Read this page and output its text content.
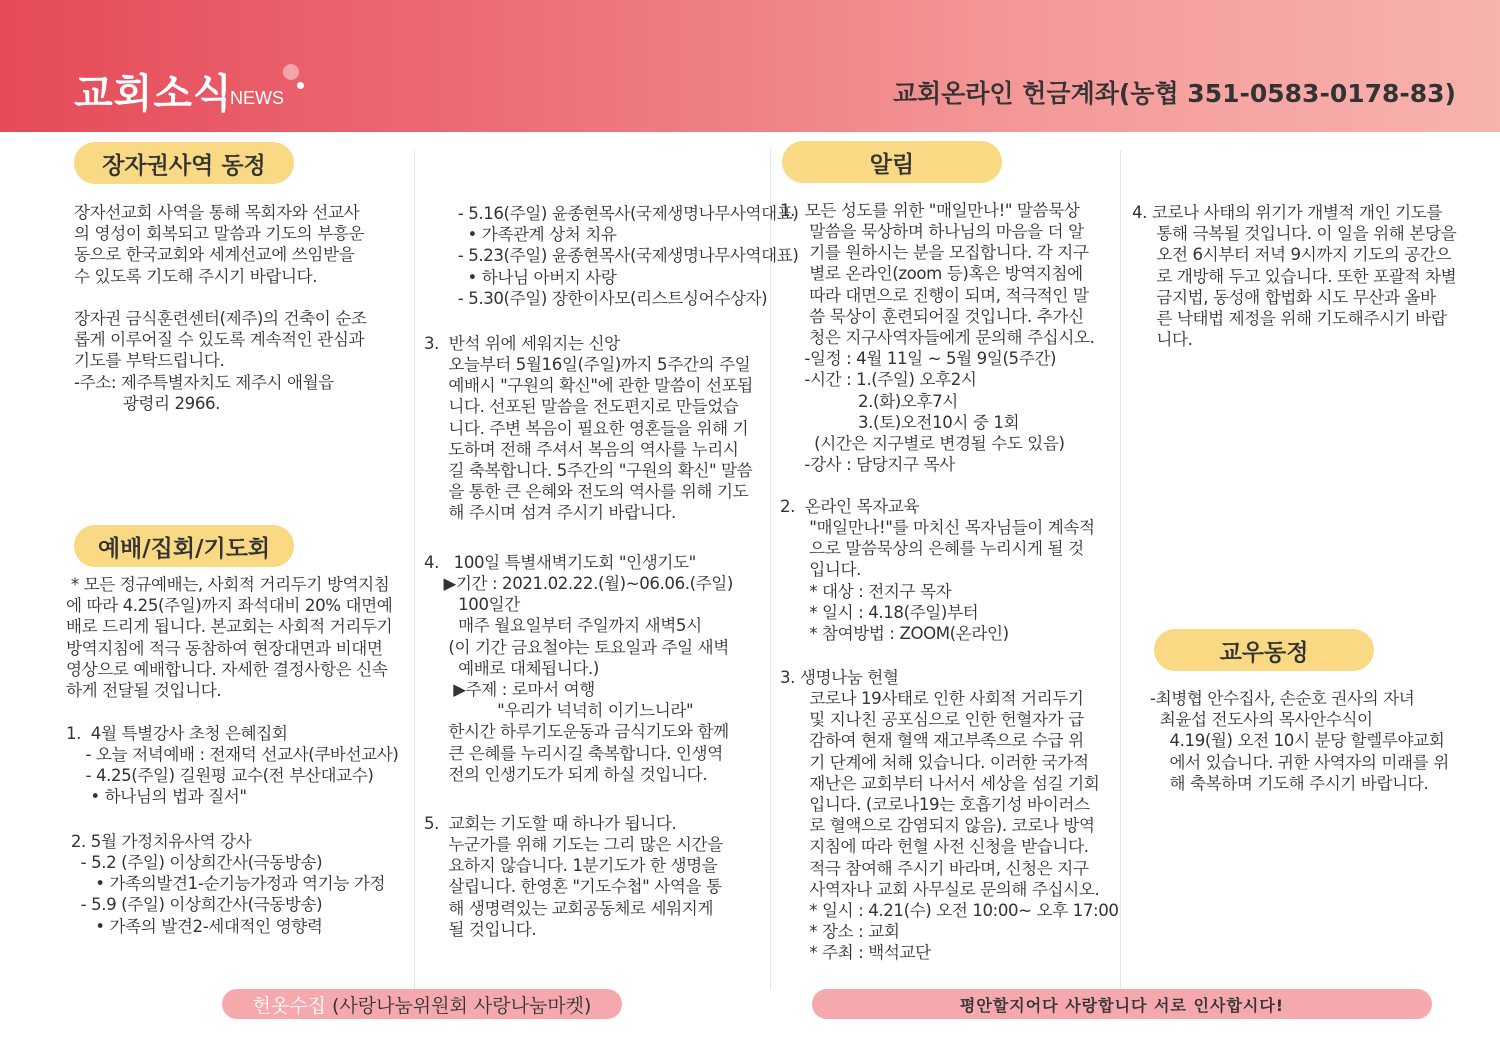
교회소식
NEWS	교회온라인 헌금계좌(농협 351-0583-0178-83)
장자권사역 동정
예배/집회/기도회
알림
교우동정
장자선교회 사역을 통해 목회자와 선교사
의 영성이 회복되고 말씀과 기도의 부흥운
동으로 한국교회와 세계선교에 쓰임받을
수 있도록 기도해 주시기 바랍니다.

장자권 금식훈련센터(제주)의 건축이 순조
롭게 이루어질 수 있도록 계속적인 관심과
기도를 부탁드립니다.
-주소: 제주특별자치도 제주시 애월읍
광령리 2966.
* 모든 정규예배는, 사회적 거리두기 방역지침
에 따라 4.25(주일)까지 좌석대비 20% 대면예
배로 드리게 됩니다. 본교회는 사회적 거리두기
방역지침에 적극 동참하여 현장대면과 비대면
영상으로 예배합니다. 자세한 결정사항은 신속
하게 전달될 것입니다.
1.  4월 특별강사 초청 은혜집회
- 오늘 저녁예배 : 전재덕 선교사(쿠바선교사)
- 4.25(주일) 길원평 교수(전 부산대교수)
• 하나님의 법과 질서"
2. 5월 가정치유사역 강사
- 5.2 (주일) 이상희간사(극동방송)
• 가족의발견1-순기능가정과 역기능 가정
- 5.9 (주일) 이상희간사(극동방송)
• 가족의 발견2-세대적인 영향력
- 5.16(주일) 윤종현목사(국제생명나무사역대표)
• 가족관계 상처 치유
- 5.23(주일) 윤종현목사(국제생명나무사역대표)
• 하나님 아버지 사랑
- 5.30(주일) 장한이사모(리스트싱어수상자)
3.  반석 위에 세워지는 신앙
오늘부터 5월16일(주일)까지 5주간의 주일
예배시 "구원의 확신"에 관한 말씀이 선포됩
니다. 선포된 말씀을 전도편지로 만들었습
니다. 주변 복음이 필요한 영혼들을 위해 기
도하며 전해 주셔서 복음의 역사를 누리시
길 축복합니다. 5주간의 "구원의 확신" 말씀
을 통한 큰 은혜와 전도의 역사를 위해 기도
해 주시며 섬겨 주시기 바랍니다.
4.   100일 특별새벽기도회 "인생기도"
▶기간 : 2021.02.22.(월)~06.06.(주일)
100일간
매주 월요일부터 주일까지 새벽5시
(이 기간 금요철야는 토요일과 주일 새벽
예배로 대체됩니다.)
▶주제 : 로마서 여행
"우리가 넉넉히 이기느니라"
한시간 하루기도운동과 금식기도와 함께
큰 은혜를 누리시길 축복합니다. 인생역
전의 인생기도가 되게 하실 것입니다.
5.  교회는 기도할 때 하나가 됩니다.
누군가를 위해 기도는 그리 많은 시간을
요하지 않습니다. 1분기도가 한 생명을
살립니다. 한영혼 "기도수첩" 사역을 통
해 생명력있는 교회공동체로 세워지게
될 것입니다.
1.  모든 성도를 위한 "매일만나!" 말씀묵상
말씀을 묵상하며 하나님의 마음을 더 알
기를 원하시는 분을 모집합니다. 각 지구
별로 온라인(zoom 등)혹은 방역지침에
따라 대면으로 진행이 되며, 적극적인 말
씀 묵상이 훈련되어질 것입니다. 추가신
청은 지구사역자들에게 문의해 주십시오.
-일정 : 4월 11일 ~ 5월 9일(5주간)
-시간 : 1.(주일) 오후2시
2.(화)오후7시
3.(토)오전10시 중 1회
(시간은 지구별로 변경될 수도 있음)
-강사 : 담당지구 목사
2.  온라인 목자교육
"매일만나!"를 마치신 목자님들이 계속적
으로 말씀묵상의 은혜를 누리시게 될 것
입니다.
* 대상 : 전지구 목자
* 일시 : 4.18(주일)부터
* 참여방법 : ZOOM(온라인)
3. 생명나눔 헌혈
코로나 19사태로 인한 사회적 거리두기
및 지나친 공포심으로 인한 헌혈자가 급
감하여 현재 혈액 재고부족으로 수급 위
기 단계에 처해 있습니다. 이러한 국가적
재난은 교회부터 나서서 세상을 섬길 기회
입니다. (코로나19는 호흡기성 바이러스
로 혈액으로 감염되지 않음). 코로나 방역
지침에 따라 헌혈 사전 신청을 받습니다.
적극 참여해 주시기 바라며, 신청은 지구
사역자나 교회 사무실로 문의해 주십시오.
* 일시 : 4.21(수) 오전 10:00~ 오후 17:00
* 장소 : 교회
* 주최 : 백석교단
4. 코로나 사태의 위기가 개별적 개인 기도를
통해 극복될 것입니다. 이 일을 위해 본당을
오전 6시부터 저녁 9시까지 기도의 공간으
로 개방해 두고 있습니다. 또한 포괄적 차별
금지법, 동성애 합법화 시도 무산과 올바
른 낙태법 제정을 위해 기도해주시기 바랍
니다.
-최병협 안수집사, 손순호 권사의 자녀
최윤섭 전도사의 목사안수식이
4.19(월) 오전 10시 분당 할렐루야교회
에서 있습니다. 귀한 사역자의 미래를 위
해 축복하며 기도해 주시기 바랍니다.
헌옷수집 (사랑나눔위원회 사랑나눔마켓)	평안할지어다 사랑합니다 서로 인사합시다!
